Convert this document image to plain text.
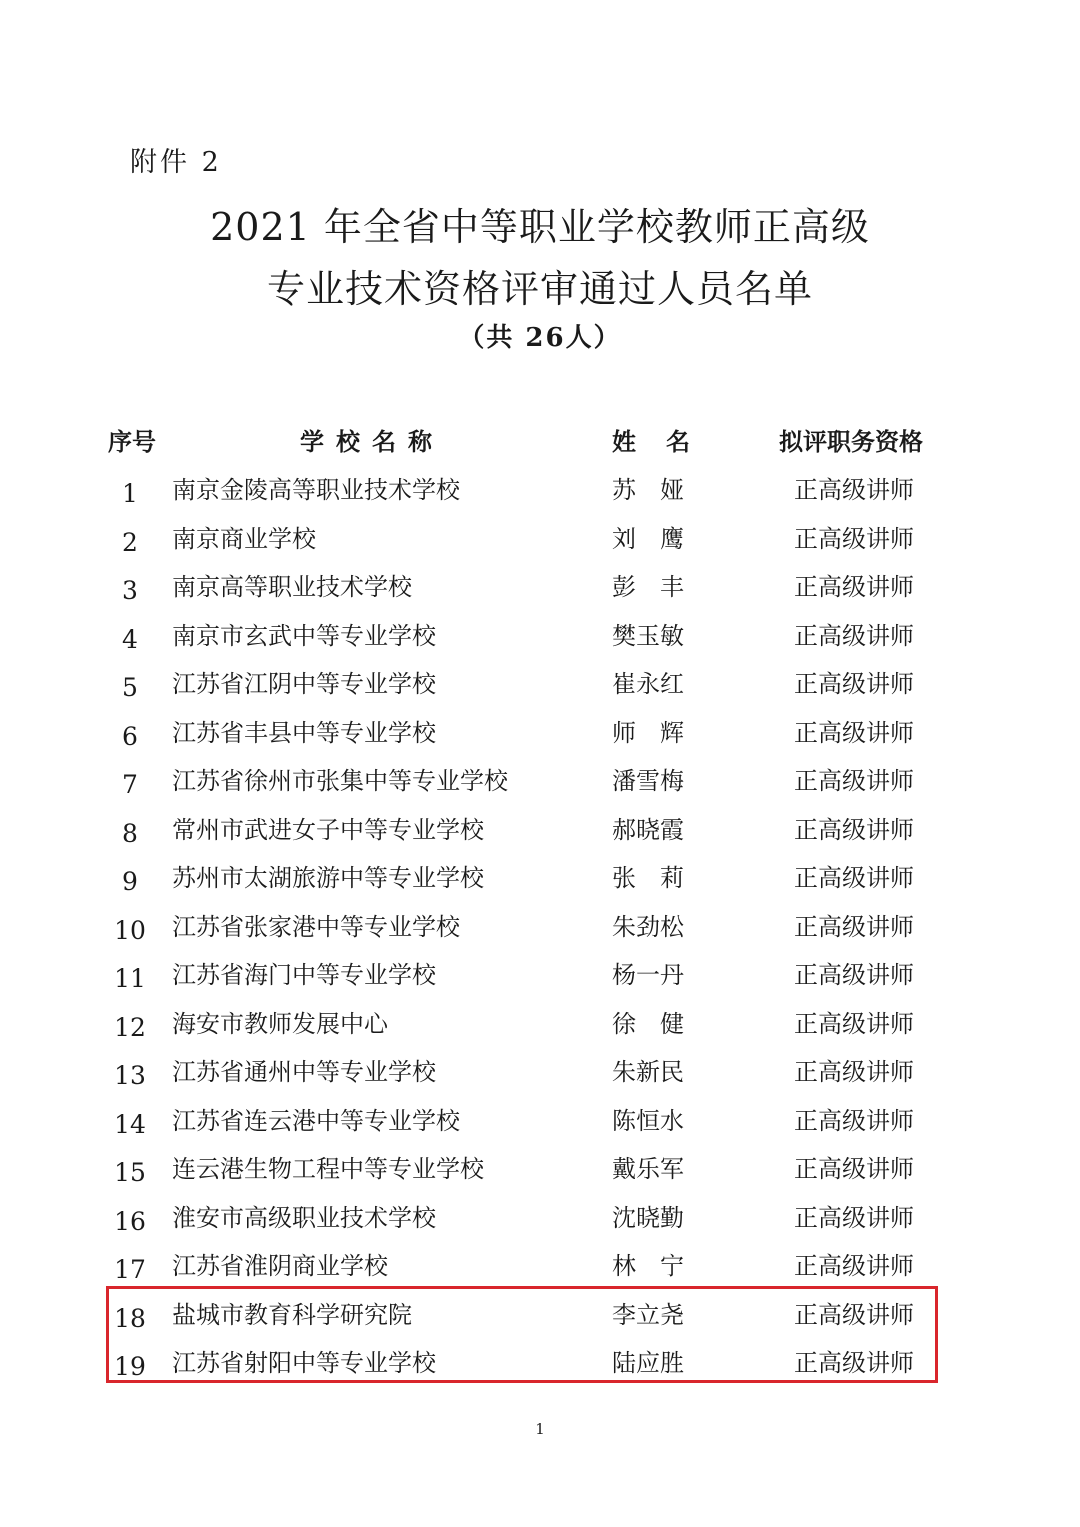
附件 2
2021 年全省中等职业学校教师正高级
专业技术资格评审通过人员名单
（共 26人）
序号	学校名称	姓名 拟评职务资格
1	南京金陵高等职业技术学校	苏　娅	正高级讲师
2	南京商业学校	刘　鹰	正高级讲师
3	南京高等职业技术学校	彭　丰	正高级讲师
4	南京市玄武中等专业学校	樊玉敏	正高级讲师
5	江苏省江阴中等专业学校	崔永红	正高级讲师
6	江苏省丰县中等专业学校	师　辉	正高级讲师
7	江苏省徐州市张集中等专业学校	潘雪梅	正高级讲师
8	常州市武进女子中等专业学校	郝晓霞	正高级讲师
9	苏州市太湖旅游中等专业学校	张　莉	正高级讲师
10 江苏省张家港中等专业学校	朱劲松	正高级讲师
11 江苏省海门中等专业学校	杨一丹	正高级讲师
12 海安市教师发展中心	徐　健	正高级讲师
13 江苏省通州中等专业学校	朱新民	正高级讲师
14 江苏省连云港中等专业学校	陈恒水	正高级讲师
15 连云港生物工程中等专业学校	戴乐军	正高级讲师
16 淮安市高级职业技术学校	沈晓勤	正高级讲师
17 江苏省淮阴商业学校	林　宁	正高级讲师
18 盐城市教育科学研究院	李立尧	正高级讲师
19 江苏省射阳中等专业学校	陆应胜	正高级讲师
1
